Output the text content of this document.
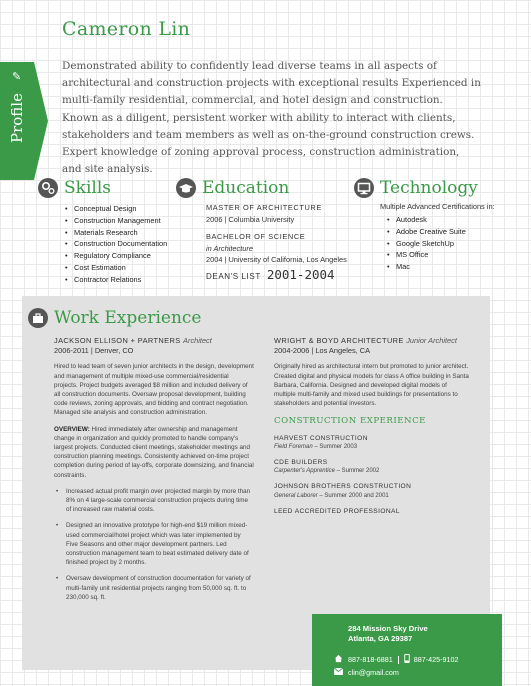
Cameron Lin
✎
Profile
Demonstrated ability to confidently lead diverse teams in all aspects of architectural and construction projects with exceptional results Experienced in multi-family residential, commercial, and hotel design and construction. Known as a diligent, persistent worker with ability to interact with clients, stakeholders and team members as well as on-the-ground construction crews. Expert knowledge of zoning approval process, construction administration, and site analysis.
Skills
• Conceptual Design
• Construction Management
• Materials Research
• Construction Documentation
• Regulatory Compliance
• Cost Estimation
• Contractor Relations
Education
MASTER OF ARCHITECTURE
2006 | Columbia University
BACHELOR OF SCIENCE
in Architecture
2004 | University of California, Los Angeles
DEAN'S LIST 2001-2004
Technology
Multiple Advanced Certifications in:
• Autodesk
• Adobe Creative Suite
• Google SketchUp
• MS Office
• Mac
Work Experience
JACKSON ELLISON + PARTNERS Architect
2006-2011 | Denver, CO

Hired to lead team of seven junior architects in the design, development and management of multiple mixed-use commercial/residential projects. Project budgets averaged $8 million and included delivery of all construction documents. Oversaw proposal development, building code reviews, zoning approvals, and bidding and contract negotiation. Managed site analysis and construction administration.

OVERVIEW: Hired immediately after ownership and management change in organization and quickly promoted to handle company's largest projects. Conducted client meetings, stakeholder meetings and construction planning meetings. Consistently achieved on-time project completion during period of lay-offs, corporate downsizing, and financial constraints.

• Increased actual profit margin over projected margin by more than 8% on 4 large-scale commercial construction projects during time of increased raw material costs.
• Designed an innovative prototype for high-end $19 million mixed-used commercial/hotel project which was later implemented by Five Seasons and other major development partners. Led construction management team to beat estimated delivery date of finished project by 2 months.
• Oversaw development of construction documentation for variety of multi-family unit residential projects ranging from 50,000 sq. ft. to 230,000 sq. ft.
WRIGHT & BOYD ARCHITECTURE Junior Architect
2004-2006 | Los Angeles, CA

Originally hired as architectural intern but promoted to junior architect. Created digital and physical models for class A office building in Santa Barbara, California. Designed and developed digital models of multiple multi-family and mixed used buildings for presentations to stakeholders and potential investors.

CONSTRUCTION EXPERIENCE
HARVEST CONSTRUCTION
Field Foreman – Summer 2003
CDE BUILDERS
Carpenter's Apprentice – Summer 2002
JOHNSON BROTHERS CONSTRUCTION
General Laborer – Summer 2000 and 2001
LEED ACCREDITED PROFESSIONAL
284 Mission Sky Drive
Atlanta, GA 29387
887-818-6881	887-425-9102
clin@gmail.com
